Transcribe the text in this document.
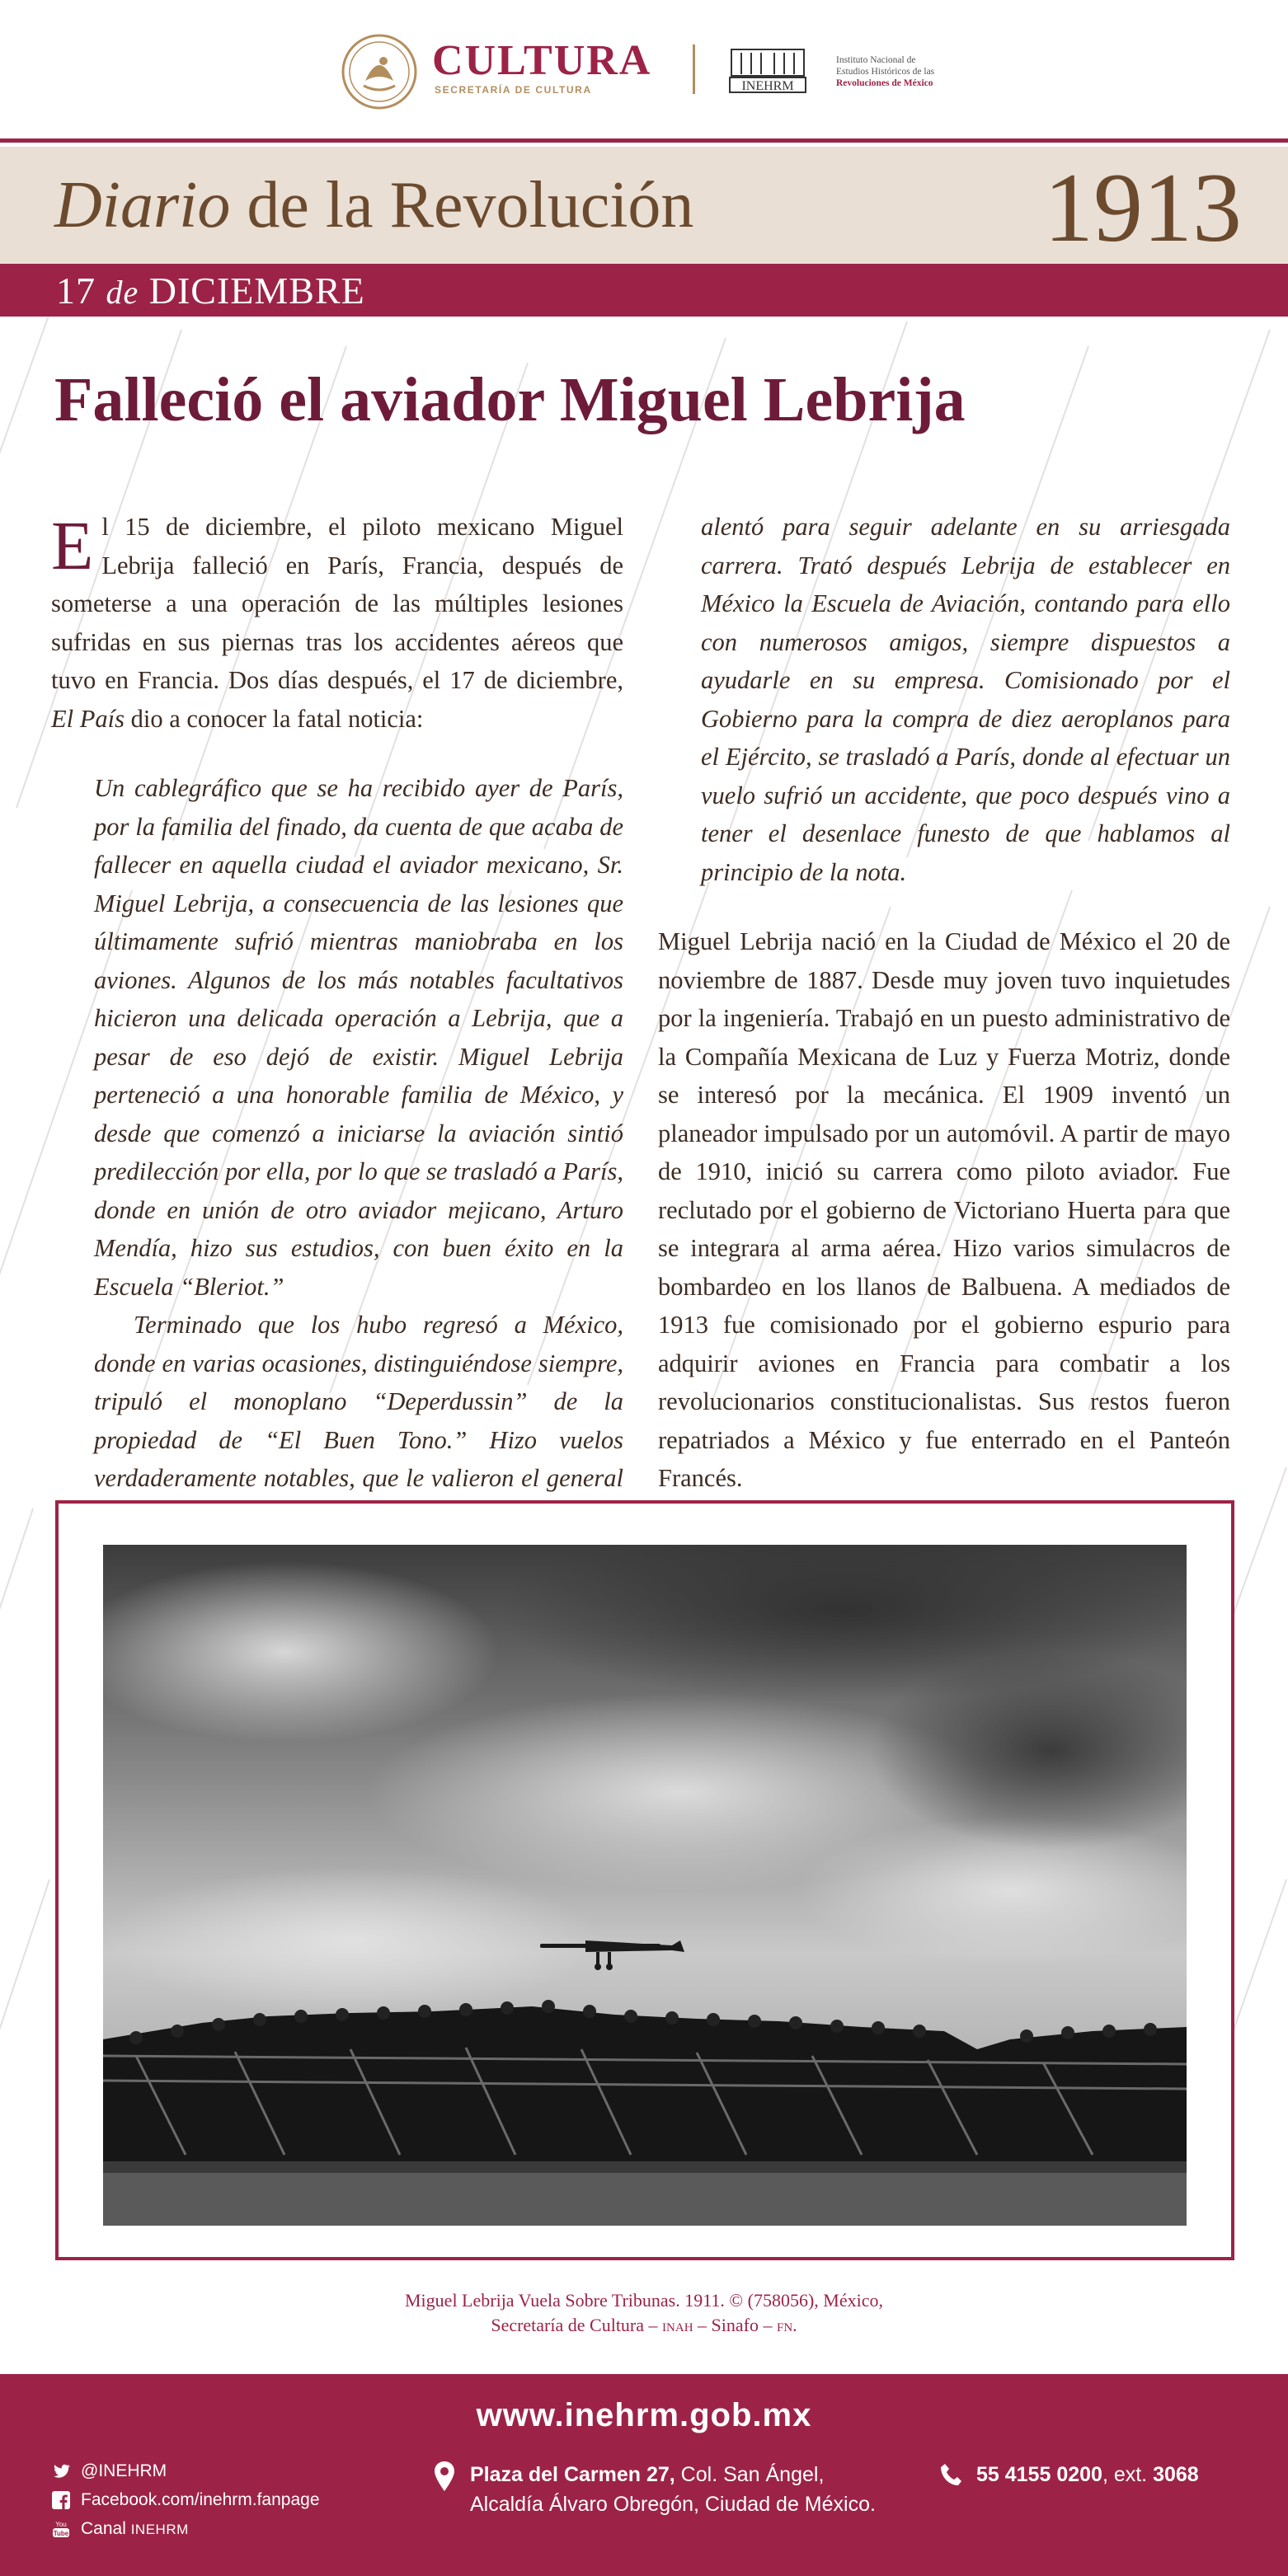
CULTURA
SECRETARÍA DE CULTURA	INEHRM
Instituto Nacional de
Estudios Históricos de las
Revoluciones de México
Diario de la Revolución	1913
17 de DICIEMBRE
Falleció el aviador Miguel Lebrija

El 15 de diciembre, el piloto mexicano Miguel Lebrija falleció en París, Francia, después de someterse a una operación de las múltiples lesiones sufridas en sus piernas tras los accidentes aéreos que tuvo en Francia. Dos días después, el 17 de diciembre, El País dio a conocer la fatal noticia:

Un cablegráfico que se ha recibido ayer de París, por la familia del finado, da cuenta de que acaba de fallecer en aquella ciudad el aviador mexicano, Sr. Miguel Lebrija, a consecuencia de las lesiones que últimamente sufrió mientras maniobraba en los aviones. Algunos de los más notables facultativos hicieron una delicada operación a Lebrija, que a pesar de eso dejó de existir. Miguel Lebrija perteneció a una honorable familia de México, y desde que comenzó a iniciarse la aviación sintió predilección por ella, por lo que se trasladó a París, donde en unión de otro aviador mejicano, Arturo Mendía, hizo sus estudios, con buen éxito en la Escuela “Bleriot.”

Terminado que los hubo regresó a México, donde en varias ocasiones, distinguiéndose siempre, tripuló el monoplano “Deperdussin” de la propiedad de “El Buen Tono.” Hizo vuelos verdaderamente notables, que le valieron el general

alentó para seguir adelante en su arriesgada carrera. Trató después Lebrija de establecer en México la Escuela de Aviación, contando para ello con numerosos amigos, siempre dispuestos a ayudarle en su empresa. Comisionado por el Gobierno para la compra de diez aeroplanos para el Ejército, se trasladó a París, donde al efectuar un vuelo sufrió un accidente, que poco después vino a tener el desenlace funesto de que hablamos al principio de la nota.

Miguel Lebrija nació en la Ciudad de México el 20 de noviembre de 1887. Desde muy joven tuvo inquietudes por la ingeniería. Trabajó en un puesto administrativo de la Compañía Mexicana de Luz y Fuerza Motriz, donde se interesó por la mecánica. El 1909 inventó un planeador impulsado por un automóvil. A partir de mayo de 1910, inició su carrera como piloto aviador. Fue reclutado por el gobierno de Victoriano Huerta para que se integrara al arma aérea. Hizo varios simulacros de bombardeo en los llanos de Balbuena. A mediados de 1913 fue comisionado por el gobierno espurio para adquirir aviones en Francia para combatir a los revolucionarios constitucionalistas. Sus restos fueron repatriados a México y fue enterrado en el Panteón Francés.

Miguel Lebrija Vuela Sobre Tribunas. 1911. © (758056), México,
Secretaría de Cultura – inah – Sinafo – fn.
www.inehrm.gob.mx
@INEHRM
Facebook.com/inehrm.fanpage
You
Tube Canal INEHRM
Plaza del Carmen 27, Col. San Ángel,
Alcaldía Álvaro Obregón, Ciudad de México.
55 4155 0200, ext. 3068
